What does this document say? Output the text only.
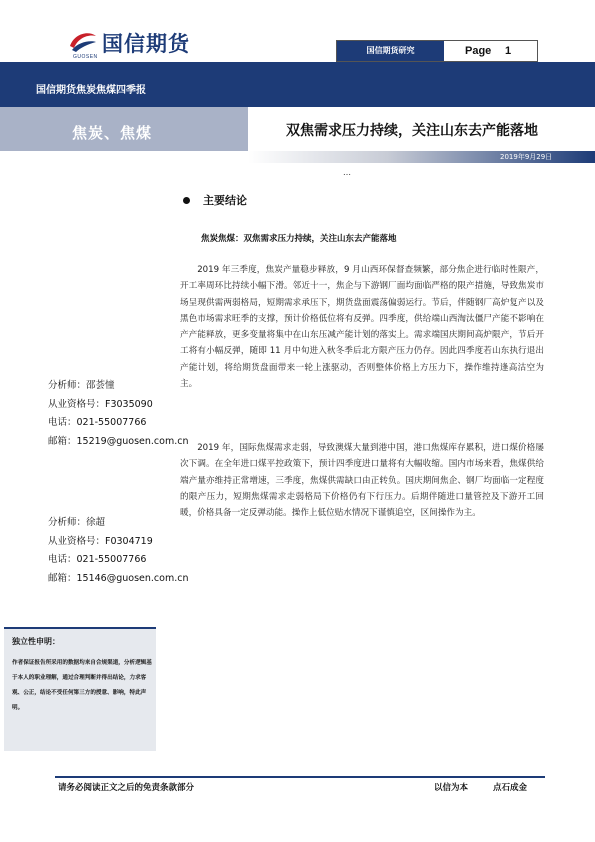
国信期货
GUOSEN
国信期货研究	Page 1
国信期货焦炭焦煤四季报
焦炭、焦煤	双焦需求压力持续，关注山东去产能落地
2019年9月29日
…
主要结论
焦炭焦煤：双焦需求压力持续，关注山东去产能落地

2019 年三季度，焦炭产量稳步释放，9 月山西环保督查频繁，部分焦企进行临时性限产，开工率周环比持续小幅下滑。邻近十一，焦企与下游钢厂面均面临严格的限产措施，导致焦炭市场呈现供需两弱格局，短期需求承压下，期货盘面震荡偏弱运行。节后，伴随钢厂高炉复产以及黑色市场需求旺季的支撑，预计价格低位将有反弹。四季度，供给端山西淘汰僵尸产能不影响在产产能释放，更多变量将集中在山东压减产能计划的落实上。需求端国庆期间高炉限产，节后开工将有小幅反弹，随即 11 月中旬进入秋冬季后北方限产压力仍存。因此四季度若山东执行退出产能计划，将给期货盘面带来一轮上涨驱动，否则整体价格上方压力下，操作维持逢高沽空为主。

2019 年，国际焦煤需求走弱，导致澳煤大量到港中国，港口焦煤库存累积，进口煤价格屡次下调。在全年进口煤平控政策下，预计四季度进口量将有大幅收缩。国内市场来看，焦煤供给端产量亦维持正常增速，三季度，焦煤供需缺口由正转负。国庆期间焦企、钢厂均面临一定程度的限产压力，短期焦煤需求走弱格局下价格仍有下行压力。后期伴随进口量管控及下游开工回暖，价格具备一定反弹动能。操作上低位贴水情况下谨慎追空，区间操作为主。

分析师：邵荟憧
从业资格号：F3035090
电话：021-55007766
邮箱：15219@guosen.com.cn
分析师：徐超
从业资格号：F0304719
电话：021-55007766
邮箱：15146@guosen.com.cn
独立性申明：

作者保证报告所采用的数据均来自合规渠道，分析逻辑基于本人的职业理解，通过合理判断并得出结论，力求客观、公正，结论不受任何第三方的授意、影响，特此声明。

请务必阅读正文之后的免责条款部分	以信为本	点石成金
